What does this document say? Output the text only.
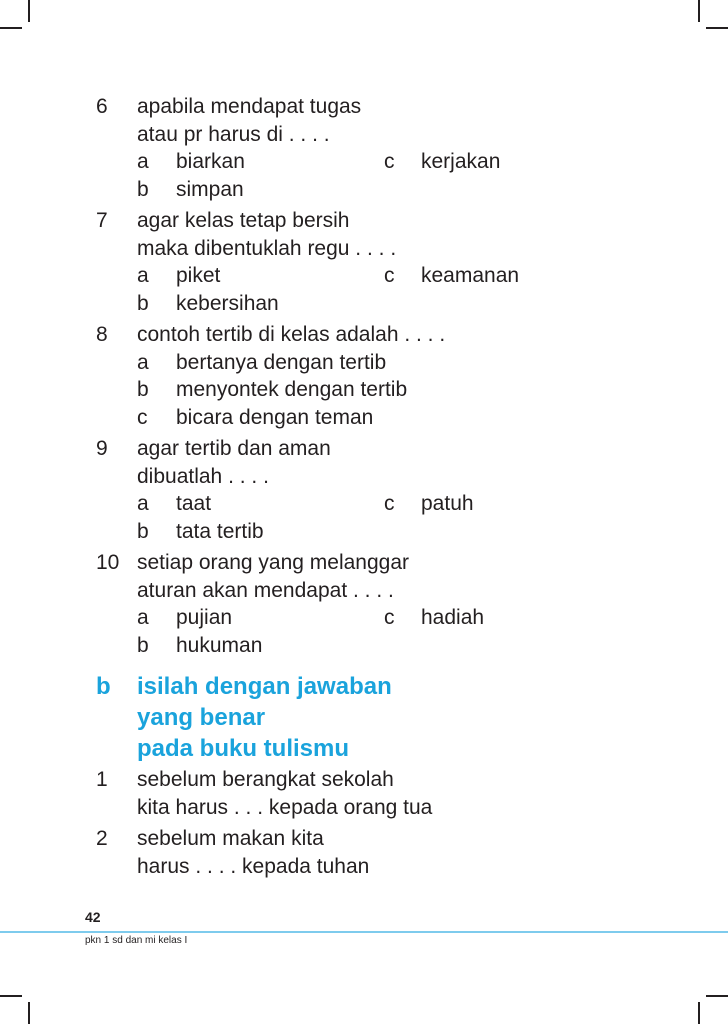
6 apabila mendapat tugas
atau pr harus di . . . .
a biarkan	c kerjakan
b simpan
7 agar kelas tetap bersih
maka dibentuklah regu . . . .
a piket	c keamanan
b kebersihan
8 contoh tertib di kelas adalah . . . .
a bertanya dengan tertib
b menyontek dengan tertib
c bicara dengan teman
9 agar tertib dan aman
dibuatlah . . . .
a taat	c patuh
b tata tertib
10 setiap orang yang melanggar
aturan akan mendapat . . . .
a pujian	c hadiah
b hukuman
b isilah dengan jawaban
yang benar
pada buku tulismu
1 sebelum berangkat sekolah
kita harus . . . kepada orang tua
2 sebelum makan kita
harus . . . . kepada tuhan
42
pkn 1 sd dan mi kelas I
